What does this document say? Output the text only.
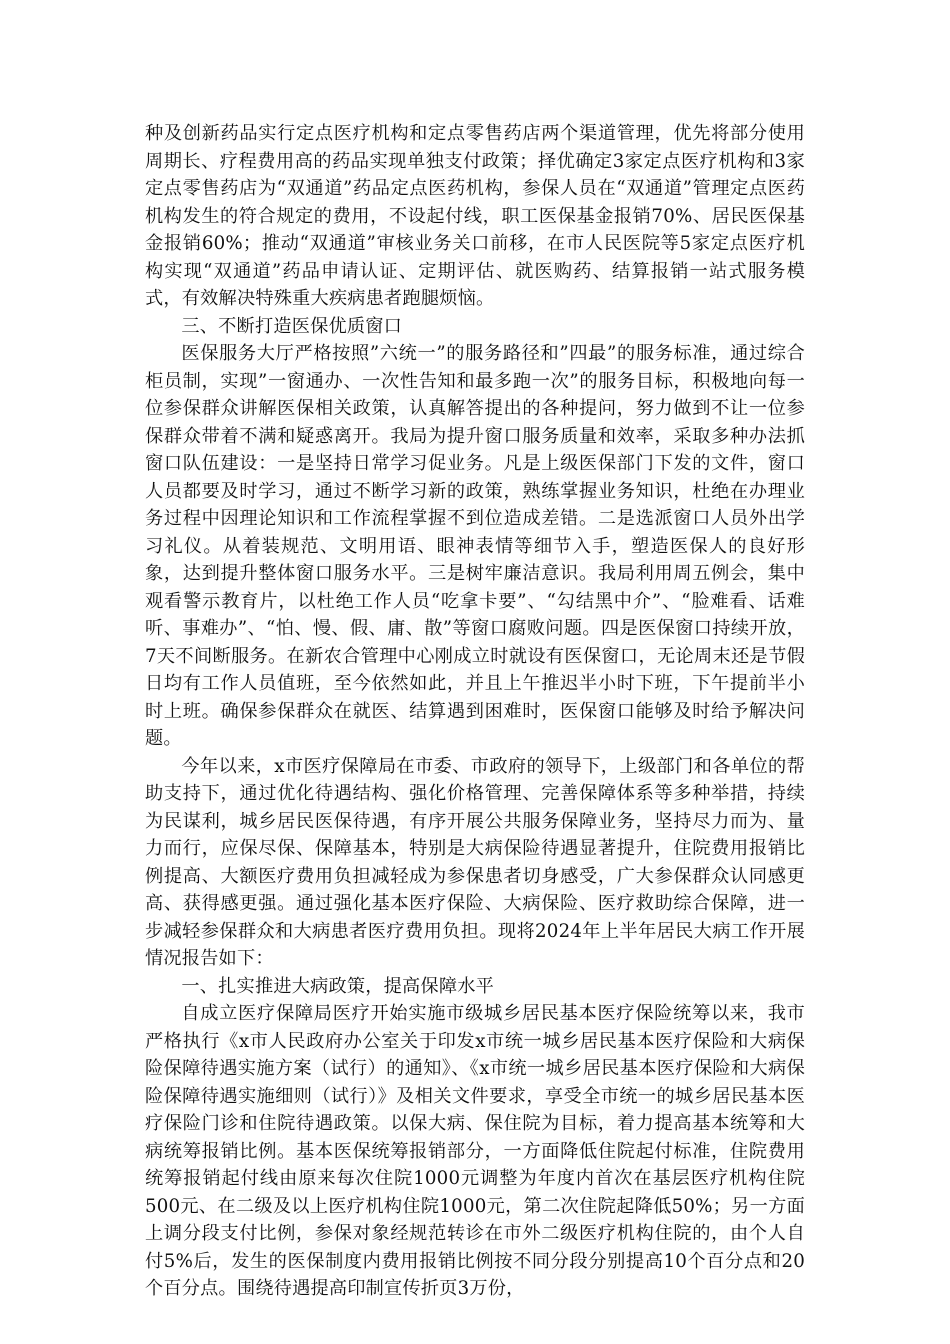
种及创新药品实行定点医疗机构和定点零售药店两个渠道管理，优先将部分使用周期长、疗程费用高的药品实现单独支付政策；择优确定3家定点医疗机构和3家定点零售药店为“双通道”药品定点医药机构，参保人员在“双通道”管理定点医药机构发生的符合规定的费用，不设起付线，职工医保基金报销70%、居民医保基金报销60%；推动“双通道”审核业务关口前移，在市人民医院等5家定点医疗机构实现“双通道”药品申请认证、定期评估、就医购药、结算报销一站式服务模式，有效解决特殊重大疾病患者跑腿烦恼。

三、不断打造医保优质窗口

医保服务大厅严格按照”六统一”的服务路径和”四最”的服务标准，通过综合柜员制，实现”一窗通办、一次性告知和最多跑一次”的服务目标，积极地向每一位参保群众讲解医保相关政策，认真解答提出的各种提问，努力做到不让一位参保群众带着不满和疑惑离开。我局为提升窗口服务质量和效率，采取多种办法抓窗口队伍建设：一是坚持日常学习促业务。凡是上级医保部门下发的文件，窗口人员都要及时学习，通过不断学习新的政策，熟练掌握业务知识，杜绝在办理业务过程中因理论知识和工作流程掌握不到位造成差错。二是选派窗口人员外出学习礼仪。从着装规范、文明用语、眼神表情等细节入手，塑造医保人的良好形象，达到提升整体窗口服务水平。三是树牢廉洁意识。我局利用周五例会，集中观看警示教育片，以杜绝工作人员“吃拿卡要”、“勾结黑中介”、“脸难看、话难听、事难办”、“怕、慢、假、庸、散”等窗口腐败问题。四是医保窗口持续开放，7天不间断服务。在新农合管理中心刚成立时就设有医保窗口，无论周末还是节假日均有工作人员值班，至今依然如此，并且上午推迟半小时下班，下午提前半小时上班。确保参保群众在就医、结算遇到困难时，医保窗口能够及时给予解决问题。

今年以来，x市医疗保障局在市委、市政府的领导下，上级部门和各单位的帮助支持下，通过优化待遇结构、强化价格管理、完善保障体系等多种举措，持续为民谋利，城乡居民医保待遇，有序开展公共服务保障业务，坚持尽力而为、量力而行，应保尽保、保障基本，特别是大病保险待遇显著提升，住院费用报销比例提高、大额医疗费用负担减轻成为参保患者切身感受，广大参保群众认同感更高、获得感更强。通过强化基本医疗保险、大病保险、医疗救助综合保障，进一步减轻参保群众和大病患者医疗费用负担。现将2024年上半年居民大病工作开展情况报告如下：

一、扎实推进大病政策，提高保障水平

自成立医疗保障局医疗开始实施市级城乡居民基本医疗保险统筹以来，我市严格执行《x市人民政府办公室关于印发x市统一城乡居民基本医疗保险和大病保险保障待遇实施方案（试行）的通知》、《x市统一城乡居民基本医疗保险和大病保险保障待遇实施细则（试行）》及相关文件要求，享受全市统一的城乡居民基本医疗保险门诊和住院待遇政策。以保大病、保住院为目标，着力提高基本统筹和大病统筹报销比例。基本医保统筹报销部分，一方面降低住院起付标准，住院费用统筹报销起付线由原来每次住院1000元调整为年度内首次在基层医疗机构住院500元、在二级及以上医疗机构住院1000元，第二次住院起降低50%；另一方面上调分段支付比例，参保对象经规范转诊在市外二级医疗机构住院的，由个人自付5%后，发生的医保制度内费用报销比例按不同分段分别提高10个百分点和20个百分点。围绕待遇提高印制宣传折页3万份，
